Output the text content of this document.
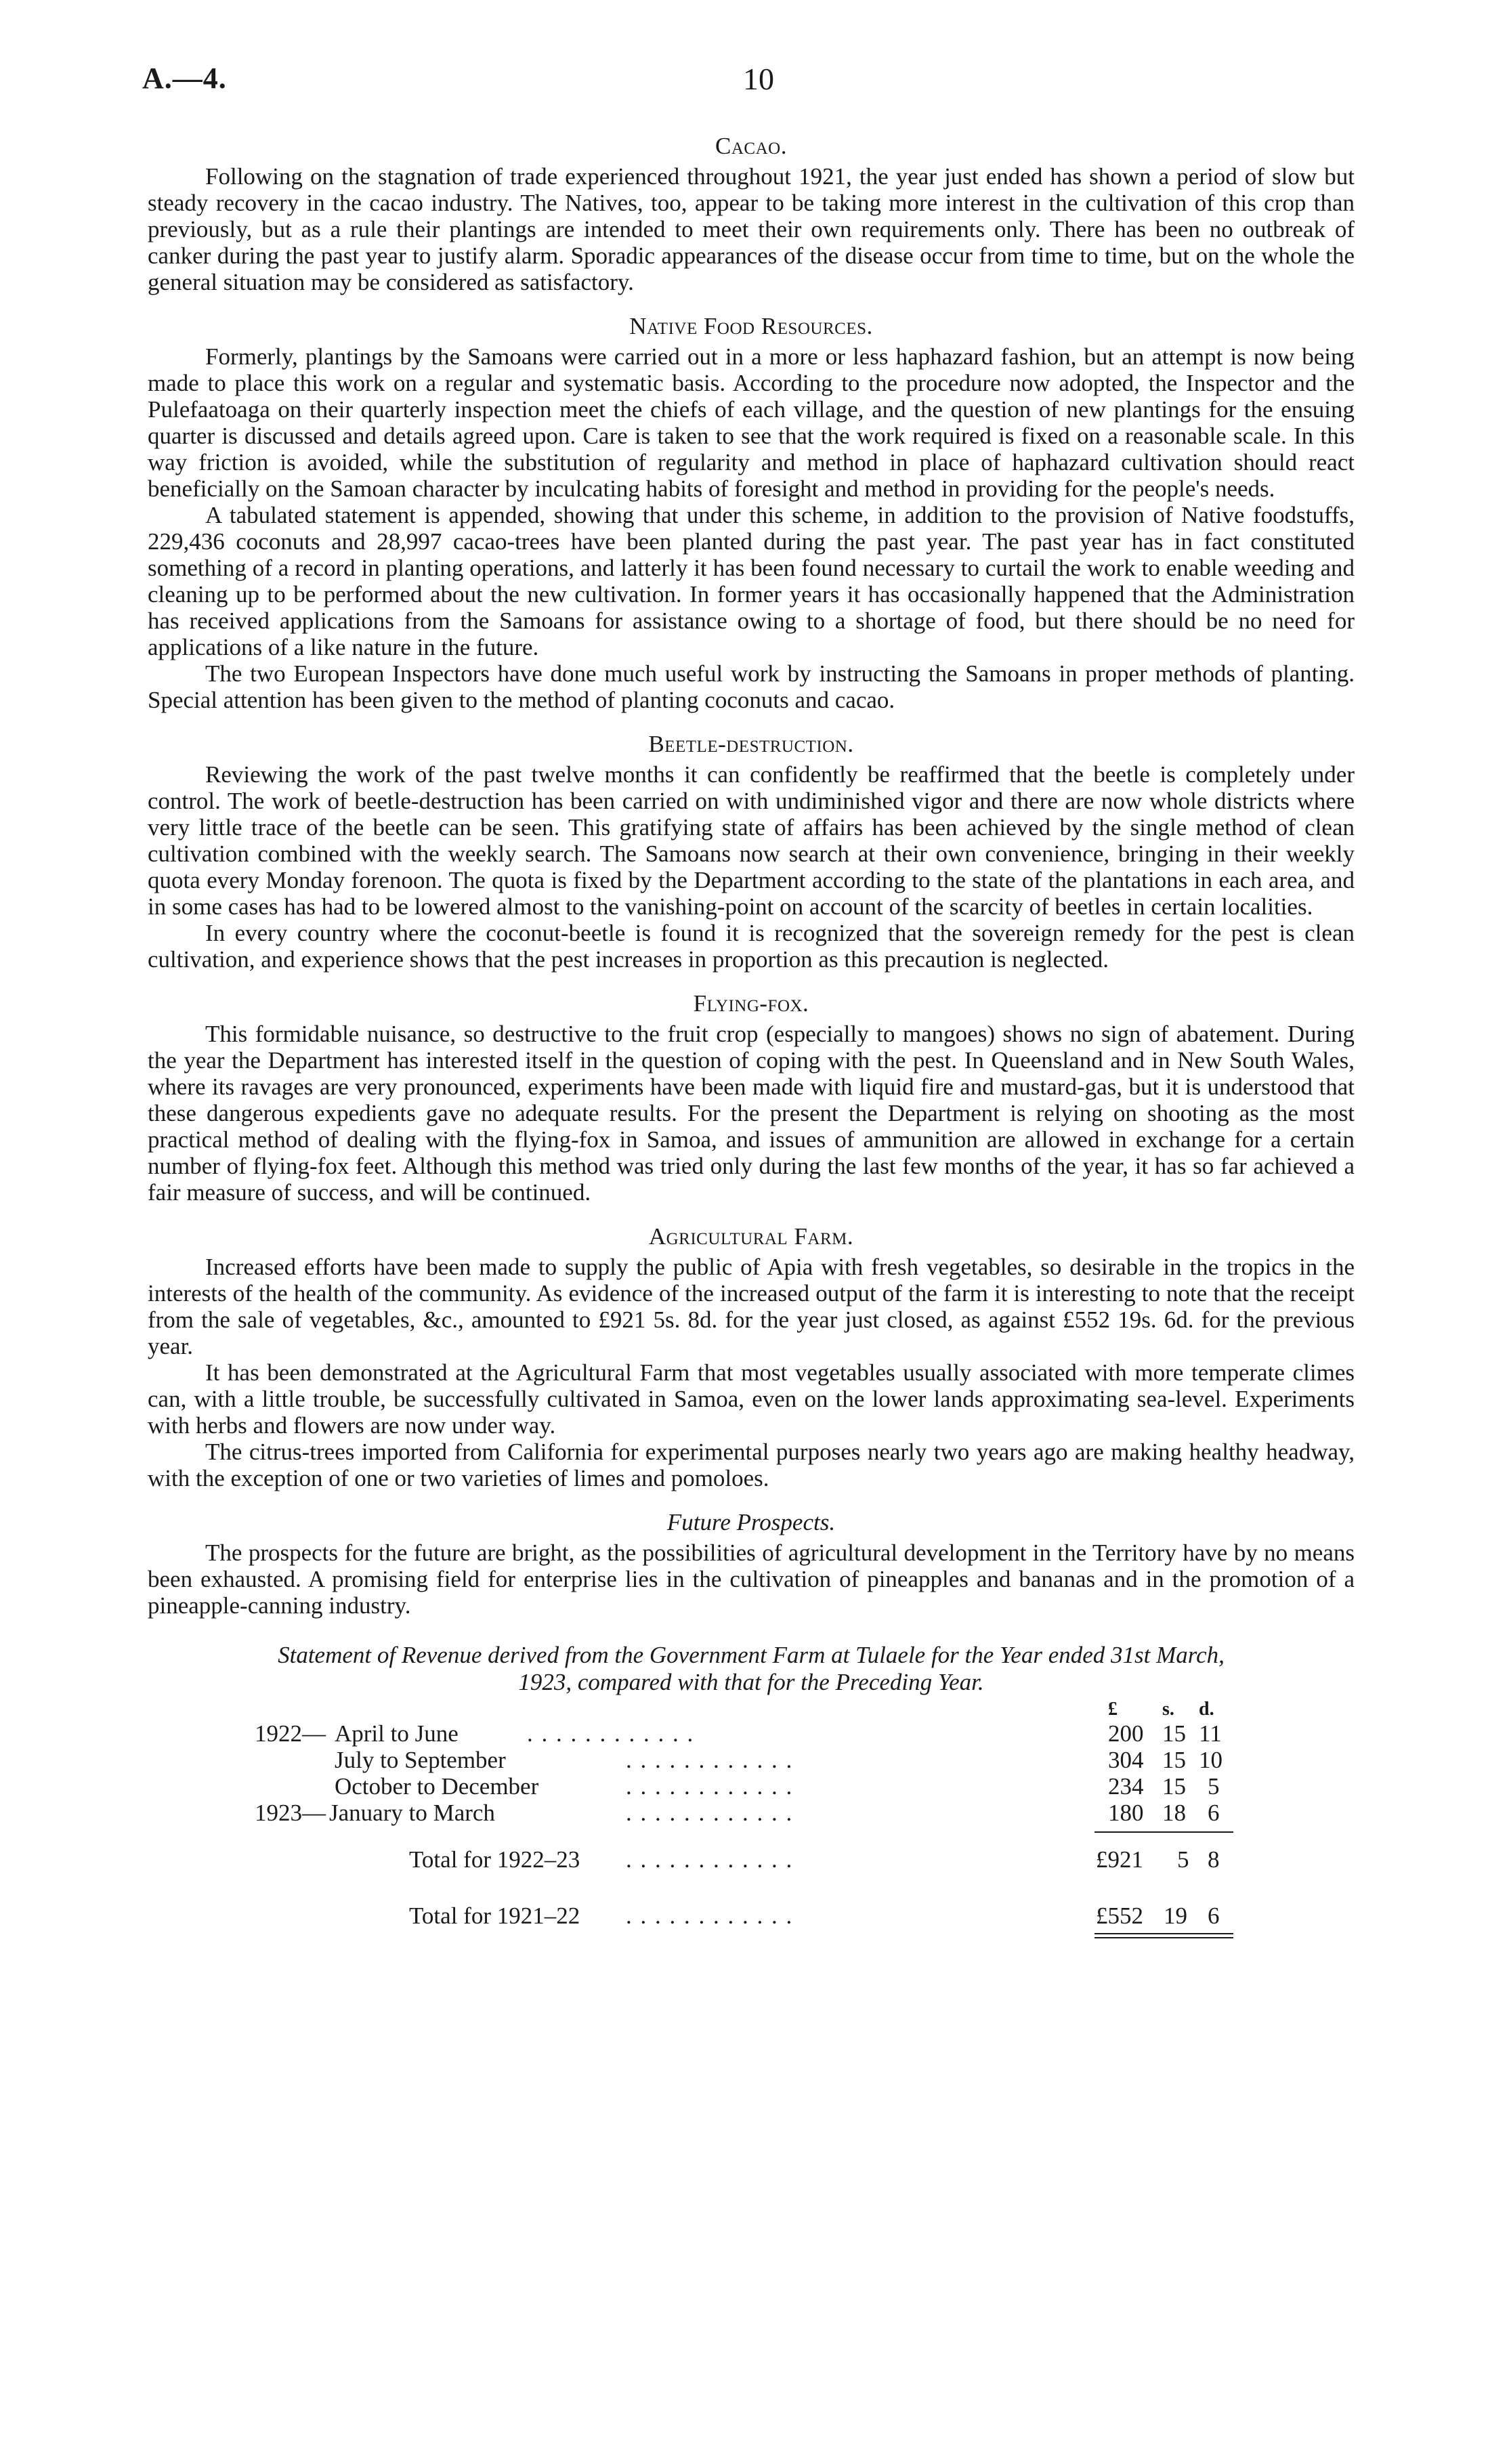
A.—4.	10
Cacao.

Following on the stagnation of trade experienced throughout 1921, the year just ended has shown a period of slow but steady recovery in the cacao industry. The Natives, too, appear to be taking more interest in the cultivation of this crop than previously, but as a rule their plantings are intended to meet their own requirements only. There has been no outbreak of canker during the past year to justify alarm. Sporadic appearances of the disease occur from time to time, but on the whole the general situation may be considered as satisfactory.

Native Food Resources.

Formerly, plantings by the Samoans were carried out in a more or less haphazard fashion, but an attempt is now being made to place this work on a regular and systematic basis. According to the procedure now adopted, the Inspector and the Pulefaatoaga on their quarterly inspection meet the chiefs of each village, and the question of new plantings for the ensuing quarter is discussed and details agreed upon. Care is taken to see that the work required is fixed on a reasonable scale. In this way friction is avoided, while the substitution of regularity and method in place of haphazard cultivation should react beneficially on the Samoan character by inculcating habits of foresight and method in providing for the people's needs.

A tabulated statement is appended, showing that under this scheme, in addition to the provision of Native foodstuffs, 229,436 coconuts and 28,997 cacao-trees have been planted during the past year. The past year has in fact constituted something of a record in planting operations, and latterly it has been found necessary to curtail the work to enable weeding and cleaning up to be performed about the new cultivation. In former years it has occasionally happened that the Administration has received applications from the Samoans for assistance owing to a shortage of food, but there should be no need for applications of a like nature in the future.

The two European Inspectors have done much useful work by instructing the Samoans in proper methods of planting. Special attention has been given to the method of planting coconuts and cacao.

Beetle-destruction.

Reviewing the work of the past twelve months it can confidently be reaffirmed that the beetle is completely under control. The work of beetle-destruction has been carried on with undiminished vigor and there are now whole districts where very little trace of the beetle can be seen. This gratifying state of affairs has been achieved by the single method of clean cultivation combined with the weekly search. The Samoans now search at their own convenience, bringing in their weekly quota every Monday forenoon. The quota is fixed by the Department according to the state of the plantations in each area, and in some cases has had to be lowered almost to the vanishing-point on account of the scarcity of beetles in certain localities.

In every country where the coconut-beetle is found it is recognized that the sovereign remedy for the pest is clean cultivation, and experience shows that the pest increases in proportion as this precaution is neglected.

Flying-fox.

This formidable nuisance, so destructive to the fruit crop (especially to mangoes) shows no sign of abatement. During the year the Department has interested itself in the question of coping with the pest. In Queensland and in New South Wales, where its ravages are very pronounced, experiments have been made with liquid fire and mustard-gas, but it is understood that these dangerous expedients gave no adequate results. For the present the Department is relying on shooting as the most practical method of dealing with the flying-fox in Samoa, and issues of ammunition are allowed in exchange for a certain number of flying-fox feet. Although this method was tried only during the last few months of the year, it has so far achieved a fair measure of success, and will be continued.

Agricultural Farm.

Increased efforts have been made to supply the public of Apia with fresh vegetables, so desirable in the tropics in the interests of the health of the community. As evidence of the increased output of the farm it is interesting to note that the receipt from the sale of vegetables, &c., amounted to £921 5s. 8d. for the year just closed, as against £552 19s. 6d. for the previous year.

It has been demonstrated at the Agricultural Farm that most vegetables usually associated with more temperate climes can, with a little trouble, be successfully cultivated in Samoa, even on the lower lands approximating sea-level. Experiments with herbs and flowers are now under way.

The citrus-trees imported from California for experimental purposes nearly two years ago are making healthy headway, with the exception of one or two varieties of limes and pomoloes.

Future Prospects.

The prospects for the future are bright, as the possibilities of agricultural development in the Territory have by no means been exhausted. A promising field for enterprise lies in the cultivation of pineapples and bananas and in the promotion of a pineapple-canning industry.

Statement of Revenue derived from the Government Farm at Tulaele for the Year ended 31st March,
1923, compared with that for the Preceding Year.
£ s. d.
1922— April to June	. . . . . . . . . . . .	200 15 11
July to September	. . . . . . . . . . . .	304 15 10
October to December	. . . . . . . . . . . .	234 15 5
1923— January to March	. . . . . . . . . . . .	180 18 6
Total for 1922–23 . . . . . . . . . . . .	£921 5 8
Total for 1921–22 . . . . . . . . . . . .	£552 19 6
